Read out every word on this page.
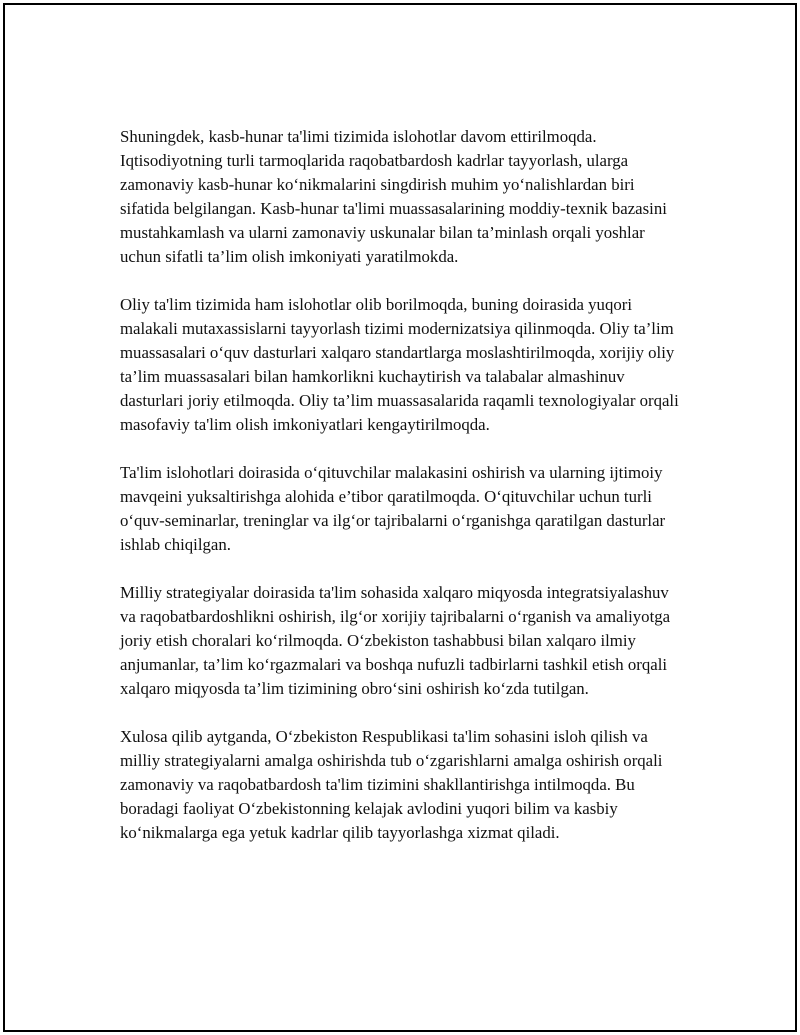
Shuningdek, kasb-hunar ta'limi tizimida islohotlar davom ettirilmoqda. Iqtisodiyotning turli tarmoqlarida raqobatbardosh kadrlar tayyorlash, ularga zamonaviy kasb-hunar ko‘nikmalarini singdirish muhim yo‘nalishlardan biri sifatida belgilangan. Kasb-hunar ta'limi muassasalarining moddiy-texnik bazasini mustahkamlash va ularni zamonaviy uskunalar bilan ta’minlash orqali yoshlar uchun sifatli ta’lim olish imkoniyati yaratilmokda.

Oliy ta'lim tizimida ham islohotlar olib borilmoqda, buning doirasida yuqori malakali mutaxassislarni tayyorlash tizimi modernizatsiya qilinmoqda. Oliy ta’lim muassasalari o‘quv dasturlari xalqaro standartlarga moslashtirilmoqda, xorijiy oliy ta’lim muassasalari bilan hamkorlikni kuchaytirish va talabalar almashinuv dasturlari joriy etilmoqda. Oliy ta’lim muassasalarida raqamli texnologiyalar orqali masofaviy ta'lim olish imkoniyatlari kengaytirilmoqda.

Ta'lim islohotlari doirasida o‘qituvchilar malakasini oshirish va ularning ijtimoiy mavqeini yuksaltirishga alohida e’tibor qaratilmoqda. O‘qituvchilar uchun turli o‘quv-seminarlar, treninglar va ilg‘or tajribalarni o‘rganishga qaratilgan dasturlar ishlab chiqilgan.

Milliy strategiyalar doirasida ta'lim sohasida xalqaro miqyosda integratsiyalashuv va raqobatbardoshlikni oshirish, ilg‘or xorijiy tajribalarni o‘rganish va amaliyotga joriy etish choralari ko‘rilmoqda. O‘zbekiston tashabbusi bilan xalqaro ilmiy anjumanlar, ta’lim ko‘rgazmalari va boshqa nufuzli tadbirlarni tashkil etish orqali xalqaro miqyosda ta’lim tizimining obro‘sini oshirish ko‘zda tutilgan.

Xulosa qilib aytganda, O‘zbekiston Respublikasi ta'lim sohasini isloh qilish va milliy strategiyalarni amalga oshirishda tub o‘zgarishlarni amalga oshirish orqali zamonaviy va raqobatbardosh ta'lim tizimini shakllantirishga intilmoqda. Bu boradagi faoliyat O‘zbekistonning kelajak avlodini yuqori bilim va kasbiy ko‘nikmalarga ega yetuk kadrlar qilib tayyorlashga xizmat qiladi.
